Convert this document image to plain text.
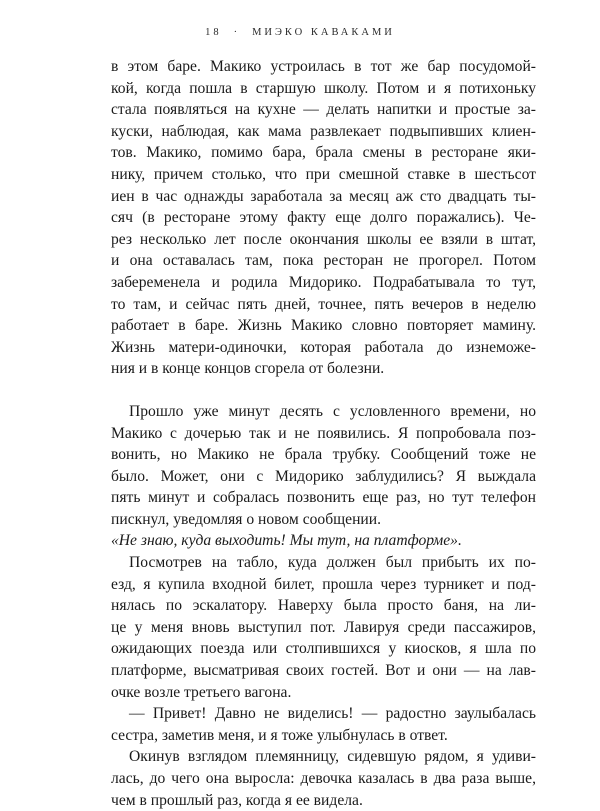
18 · МИЭКО КАВАКАМИ
в этом баре. Макико устроилась в тот же бар посудомой-
кой, когда пошла в старшую школу. Потом и я потихоньку
стала появляться на кухне — делать напитки и простые за-
куски, наблюдая, как мама развлекает подвыпивших клиен-
тов. Макико, помимо бара, брала смены в ресторане яки-
нику, причем столько, что при смешной ставке в шестьсот
иен в час однажды заработала за месяц аж сто двадцать ты-
сяч (в ресторане этому факту еще долго поражались). Че-
рез несколько лет после окончания школы ее взяли в штат,
и она оставалась там, пока ресторан не прогорел. Потом
забеременела и родила Мидорико. Подрабатывала то тут,
то там, и сейчас пять дней, точнее, пять вечеров в неделю
работает в баре. Жизнь Макико словно повторяет мамину.
Жизнь матери-одиночки, которая работала до изнеможе-
ния и в конце концов сгорела от болезни.
Прошло уже минут десять с условленного времени, но
Макико с дочерью так и не появились. Я попробовала поз-
вонить, но Макико не брала трубку. Сообщений тоже не
было. Может, они с Мидорико заблудились? Я выждала
пять минут и собралась позвонить еще раз, но тут телефон
пискнул, уведомляя о новом сообщении.
«Не знаю, куда выходить! Мы тут, на платформе».
Посмотрев на табло, куда должен был прибыть их по-
езд, я купила входной билет, прошла через турникет и под-
нялась по эскалатору. Наверху была просто баня, на ли-
це у меня вновь выступил пот. Лавируя среди пассажиров,
ожидающих поезда или столпившихся у киосков, я шла по
платформе, высматривая своих гостей. Вот и они — на лав-
очке возле третьего вагона.
— Привет! Давно не виделись! — радостно заулыбалась
сестра, заметив меня, и я тоже улыбнулась в ответ.
Окинув взглядом племянницу, сидевшую рядом, я удиви-
лась, до чего она выросла: девочка казалась в два раза выше,
чем в прошлый раз, когда я ее видела.
